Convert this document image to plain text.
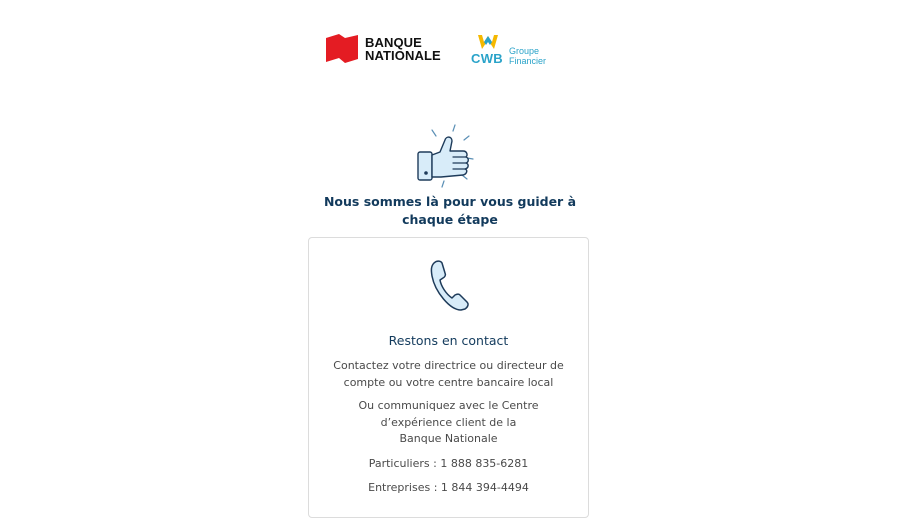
BANQUE
NATIONALE CWB Groupe
Financier
Nous sommes là pour vous guider à
chaque étape
Restons en contact
Contactez votre directrice ou directeur de
compte ou votre centre bancaire local
Ou communiquez avec le Centre
d’expérience client de la
Banque Nationale
Particuliers : 1 888 835-6281
Entreprises : 1 844 394-4494
